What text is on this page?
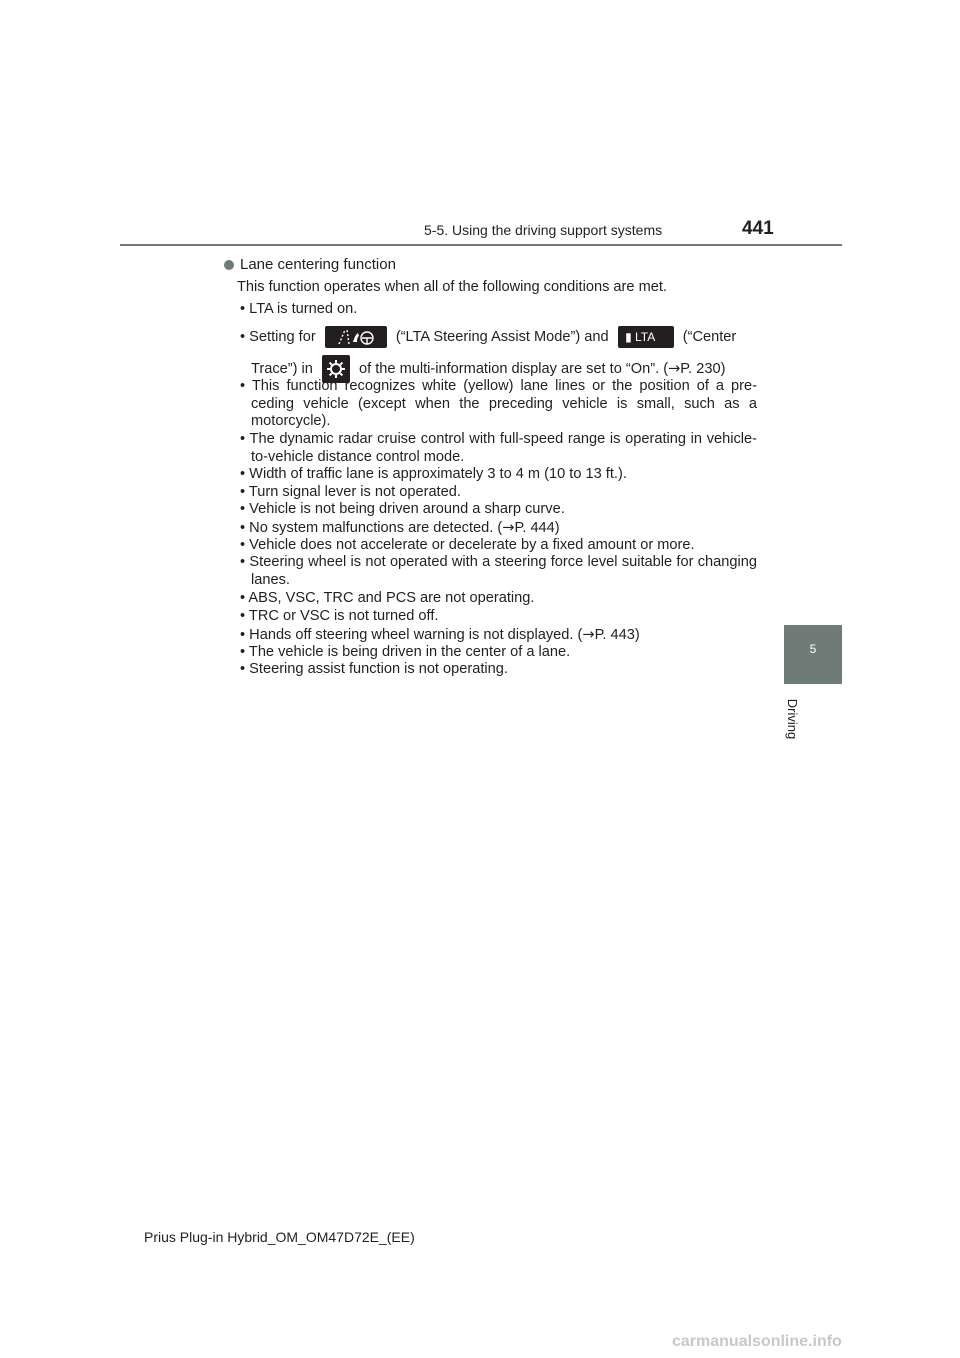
5-5. Using the driving support systems	441
5
Driving
Lane centering function
This function operates when all of the following conditions are met.
• LTA is turned on.
• Setting for	(“LTA Steering Assist Mode”) and ▮ LTA (“Center
Trace”) in	of the multi-information display are set to “On”. (→P. 230)
• This function recognizes white (yellow) lane lines or the position of a pre-ceding vehicle (except when the preceding vehicle is small, such as a motorcycle).
• The dynamic radar cruise control with full-speed range is operating in vehicle-to-vehicle distance control mode.
• Width of traffic lane is approximately 3 to 4 m (10 to 13 ft.).
• Turn signal lever is not operated.
• Vehicle is not being driven around a sharp curve.
• No system malfunctions are detected. (→P. 444)
• Vehicle does not accelerate or decelerate by a fixed amount or more.
• Steering wheel is not operated with a steering force level suitable for changing lanes.
• ABS, VSC, TRC and PCS are not operating.
• TRC or VSC is not turned off.
• Hands off steering wheel warning is not displayed. (→P. 443)
• The vehicle is being driven in the center of a lane.
• Steering assist function is not operating.
Prius Plug-in Hybrid_OM_OM47D72E_(EE)
carmanualsonline.info
